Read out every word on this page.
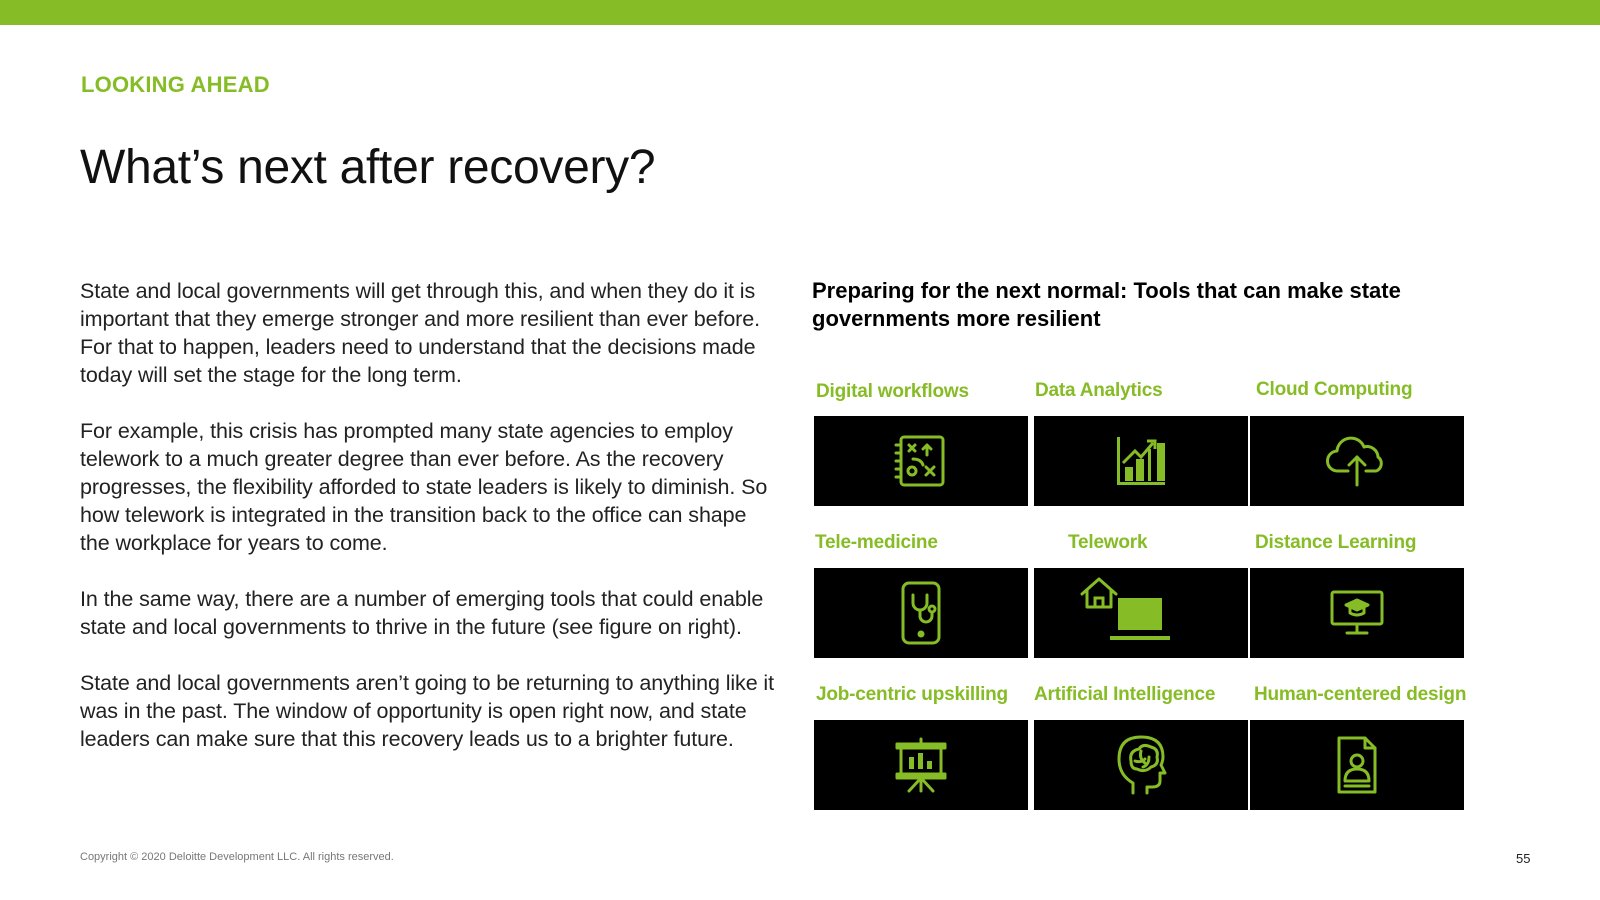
LOOKING AHEAD
What’s next after recovery?

State and local governments will get through this, and when they do it is important that they emerge stronger and more resilient than ever before. For that to happen, leaders need to understand that the decisions made today will set the stage for the long term.

For example, this crisis has prompted many state agencies to employ telework to a much greater degree than ever before. As the recovery progresses, the flexibility afforded to state leaders is likely to diminish. So how telework is integrated in the transition back to the office can shape the workplace for years to come.

In the same way, there are a number of emerging tools that could enable state and local governments to thrive in the future (see figure on right).

State and local governments aren’t going to be returning to anything like it was in the past. The window of opportunity is open right now, and state leaders can make sure that this recovery leads us to a brighter future.

Preparing for the next normal: Tools that can make state governments more resilient
Digital workflows	Data Analytics	Cloud Computing
Tele-medicine	Telework	Distance Learning
Job-centric upskilling Artificial Intelligence Human-centered design
Copyright © 2020 Deloitte Development LLC. All rights reserved.	55
